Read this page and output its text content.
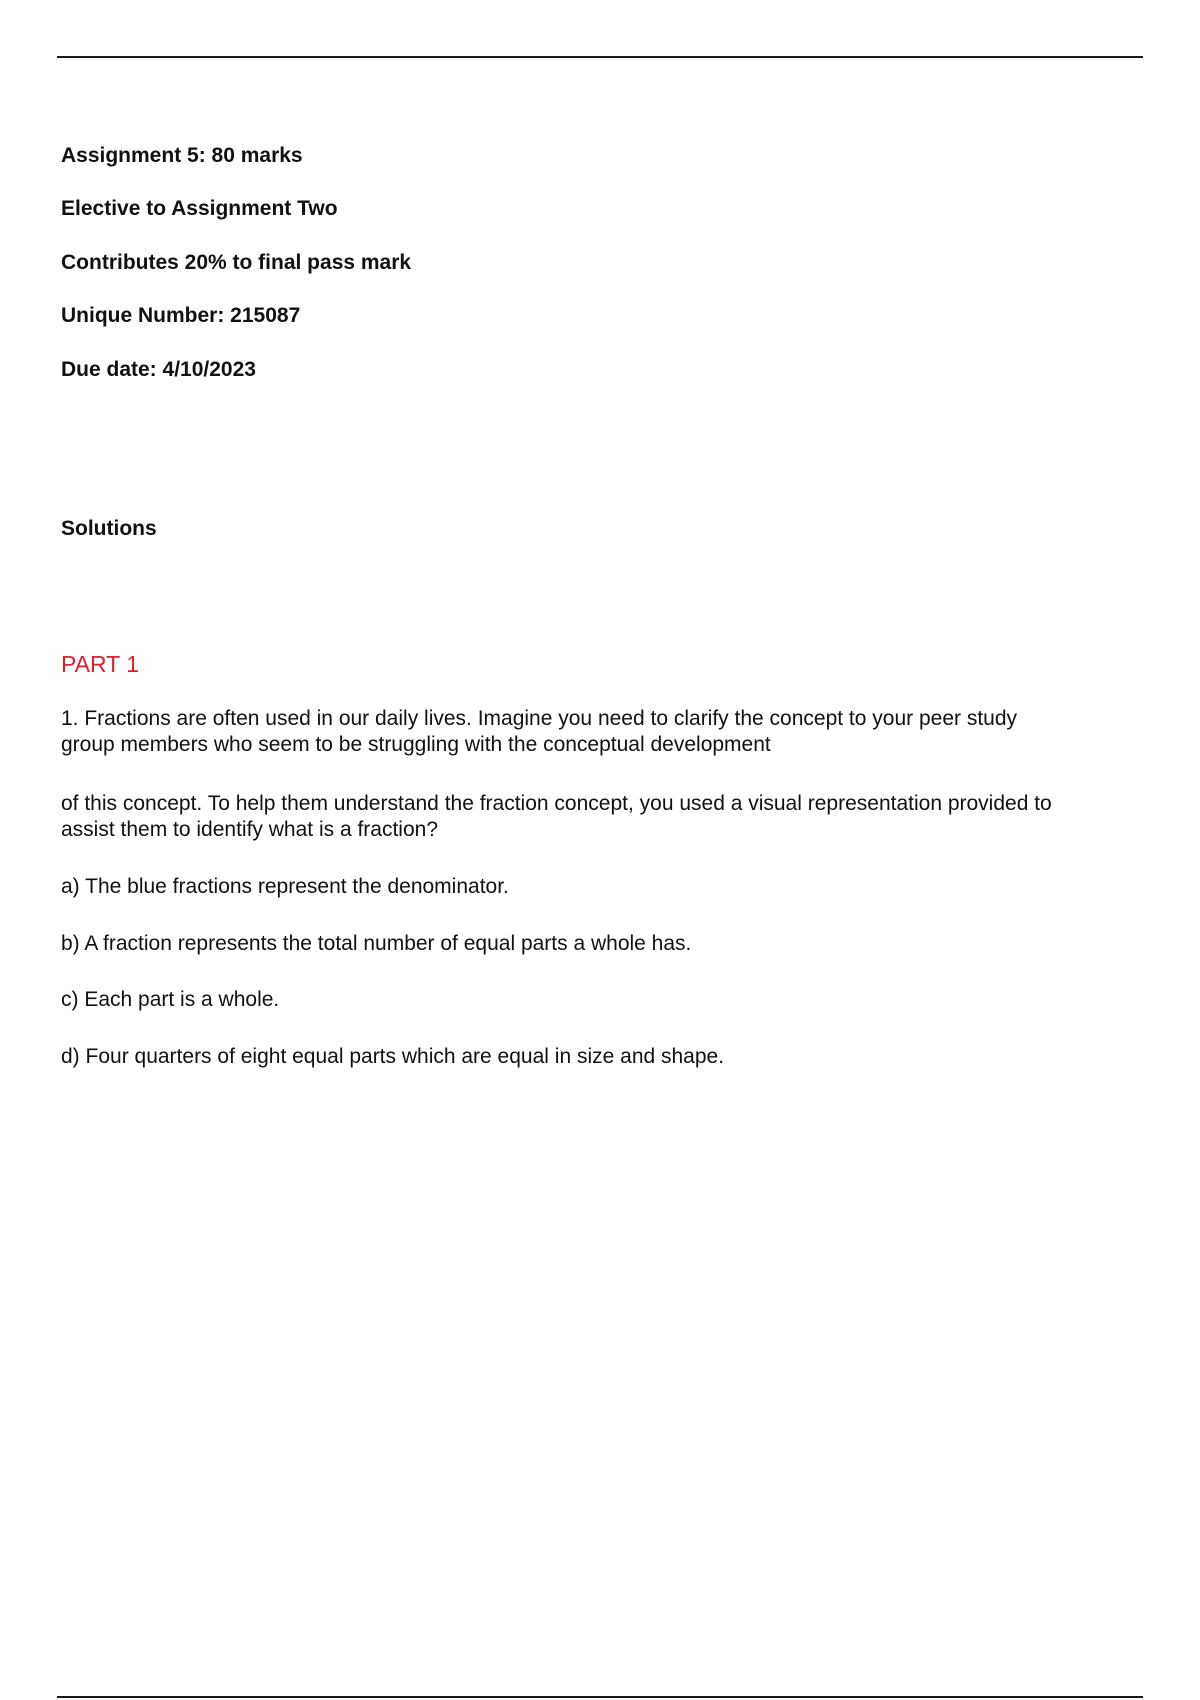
Assignment 5: 80 marks
Elective to Assignment Two
Contributes 20% to final pass mark
Unique Number: 215087
Due date: 4/10/2023
Solutions
PART 1
1. Fractions are often used in our daily lives. Imagine you need to clarify the concept to your peer study
group members who seem to be struggling with the conceptual development
of this concept. To help them understand the fraction concept, you used a visual representation provided to
assist them to identify what is a fraction?
a) The blue fractions represent the denominator.
b) A fraction represents the total number of equal parts a whole has.
c) Each part is a whole.
d) Four quarters of eight equal parts which are equal in size and shape.
